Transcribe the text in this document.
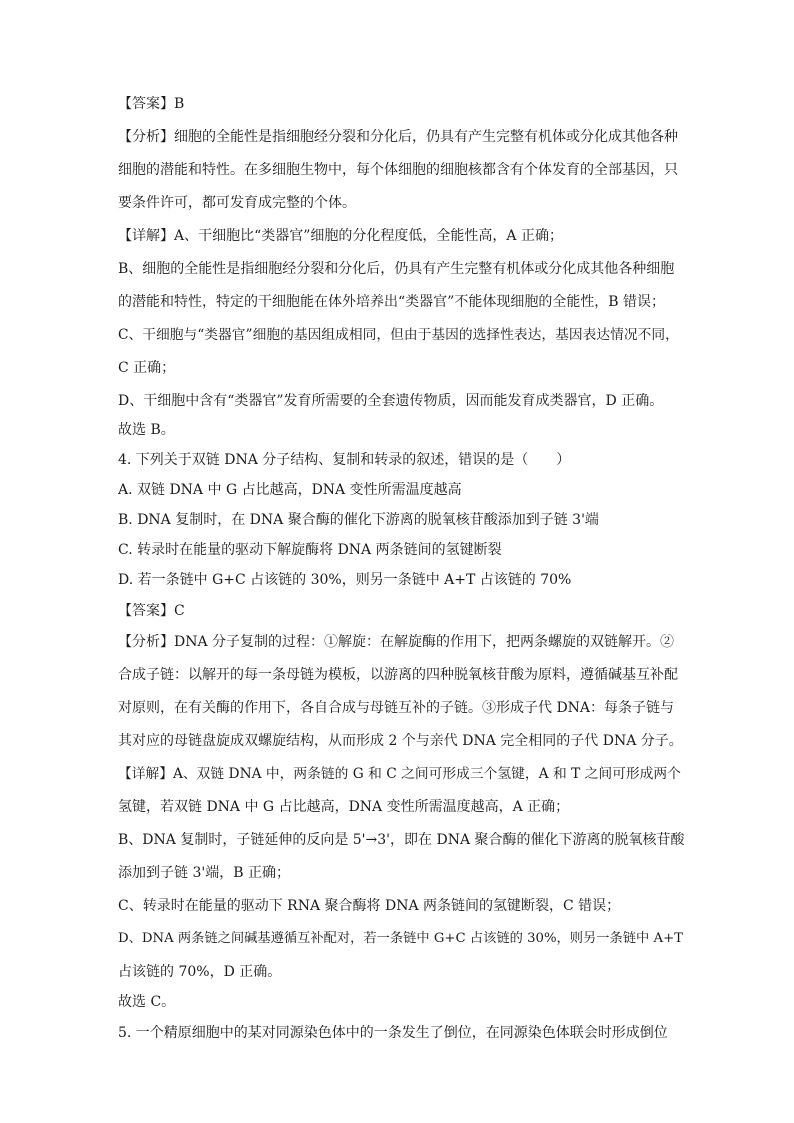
【答案】B
【分析】细胞的全能性是指细胞经分裂和分化后，仍具有产生完整有机体或分化成其他各种
细胞的潜能和特性。在多细胞生物中，每个体细胞的细胞核都含有个体发育的全部基因，只
要条件许可，都可发育成完整的个体。
【详解】A、干细胞比“类器官”细胞的分化程度低，全能性高，A 正确；
B、细胞的全能性是指细胞经分裂和分化后，仍具有产生完整有机体或分化成其他各种细胞
的潜能和特性，特定的干细胞能在体外培养出“类器官”不能体现细胞的全能性，B 错误；
C、干细胞与“类器官”细胞的基因组成相同，但由于基因的选择性表达，基因表达情况不同，
C 正确；
D、干细胞中含有“类器官”发育所需要的全套遗传物质，因而能发育成类器官，D 正确。
故选 B。
4. 下列关于双链 DNA 分子结构、复制和转录的叙述，错误的是（　　）
A. 双链 DNA 中 G 占比越高，DNA 变性所需温度越高
B. DNA 复制时，在 DNA 聚合酶的催化下游离的脱氧核苷酸添加到子链 3'端
C. 转录时在能量的驱动下解旋酶将 DNA 两条链间的氢键断裂
D. 若一条链中 G+C 占该链的 30%，则另一条链中 A+T 占该链的 70%
【答案】C
【分析】DNA 分子复制的过程：①解旋：在解旋酶的作用下，把两条螺旋的双链解开。②
合成子链：以解开的每一条母链为模板，以游离的四种脱氧核苷酸为原料，遵循碱基互补配
对原则，在有关酶的作用下，各自合成与母链互补的子链。③形成子代 DNA：每条子链与
其对应的母链盘旋成双螺旋结构，从而形成 2 个与亲代 DNA 完全相同的子代 DNA 分子。
【详解】A、双链 DNA 中，两条链的 G 和 C 之间可形成三个氢键，A 和 T 之间可形成两个
氢键，若双链 DNA 中 G 占比越高，DNA 变性所需温度越高，A 正确；
B、DNA 复制时，子链延伸的反向是 5'→3'，即在 DNA 聚合酶的催化下游离的脱氧核苷酸
添加到子链 3'端，B 正确；
C、转录时在能量的驱动下 RNA 聚合酶将 DNA 两条链间的氢键断裂，C 错误；
D、DNA 两条链之间碱基遵循互补配对，若一条链中 G+C 占该链的 30%，则另一条链中 A+T
占该链的 70%，D 正确。
故选 C。
5. 一个精原细胞中的某对同源染色体中的一条发生了倒位，在同源染色体联会时形成倒位
